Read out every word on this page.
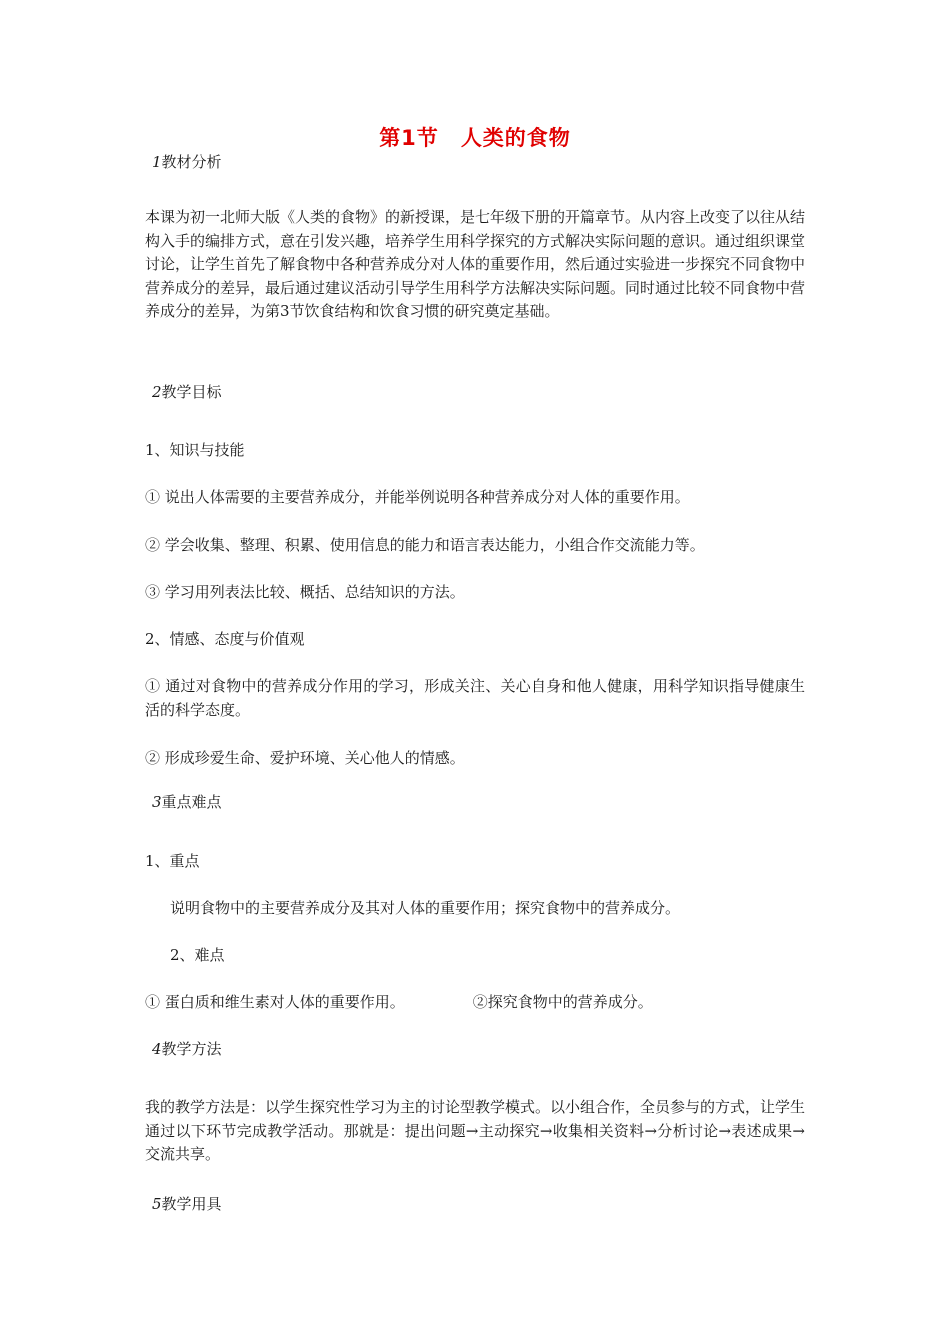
第1节 人类的食物
1教材分析
本课为初一北师大版《人类的食物》的新授课，是七年级下册的开篇章节。从内容上改变了以往从结构入手的编排方式，意在引发兴趣，培养学生用科学探究的方式解决实际问题的意识。通过组织课堂讨论，让学生首先了解食物中各种营养成分对人体的重要作用，然后通过实验进一步探究不同食物中营养成分的差异，最后通过建议活动引导学生用科学方法解决实际问题。同时通过比较不同食物中营养成分的差异，为第3节饮食结构和饮食习惯的研究奠定基础。
2教学目标
1、知识与技能
① 说出人体需要的主要营养成分，并能举例说明各种营养成分对人体的重要作用。
② 学会收集、整理、积累、使用信息的能力和语言表达能力，小组合作交流能力等。
③ 学习用列表法比较、概括、总结知识的方法。
2、情感、态度与价值观
① 通过对食物中的营养成分作用的学习，形成关注、关心自身和他人健康，用科学知识指导健康生活的科学态度。
② 形成珍爱生命、爱护环境、关心他人的情感。
3重点难点
1、重点
说明食物中的主要营养成分及其对人体的重要作用；探究食物中的营养成分。
2、难点
① 蛋白质和维生素对人体的重要作用。	②探究食物中的营养成分。
4教学方法
我的教学方法是：以学生探究性学习为主的讨论型教学模式。以小组合作，全员参与的方式，让学生通过以下环节完成教学活动。那就是：提出问题→主动探究→收集相关资料→分析讨论→表述成果→交流共享。
5教学用具
